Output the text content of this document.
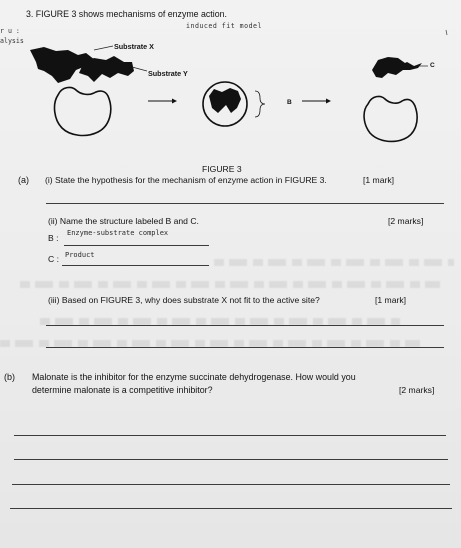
3. FIGURE 3 shows mechanisms of enzyme action.
r u :
alysis
induced fit model
Substrate X
Substrate Y
B
C
FIGURE 3
(a) (i) State the hypothesis for the mechanism of enzyme action in FIGURE 3.	[1 mark]
(ii) Name the structure labeled B and C.	[2 marks]
B : Enzyme-substrate complex
C : Product
(iii) Based on FIGURE 3, why does substrate X not fit to the active site?	[1 mark]
(b) Malonate is the inhibitor for the enzyme succinate dehydrogenase. How would you
determine malonate is a competitive inhibitor?	[2 marks]
